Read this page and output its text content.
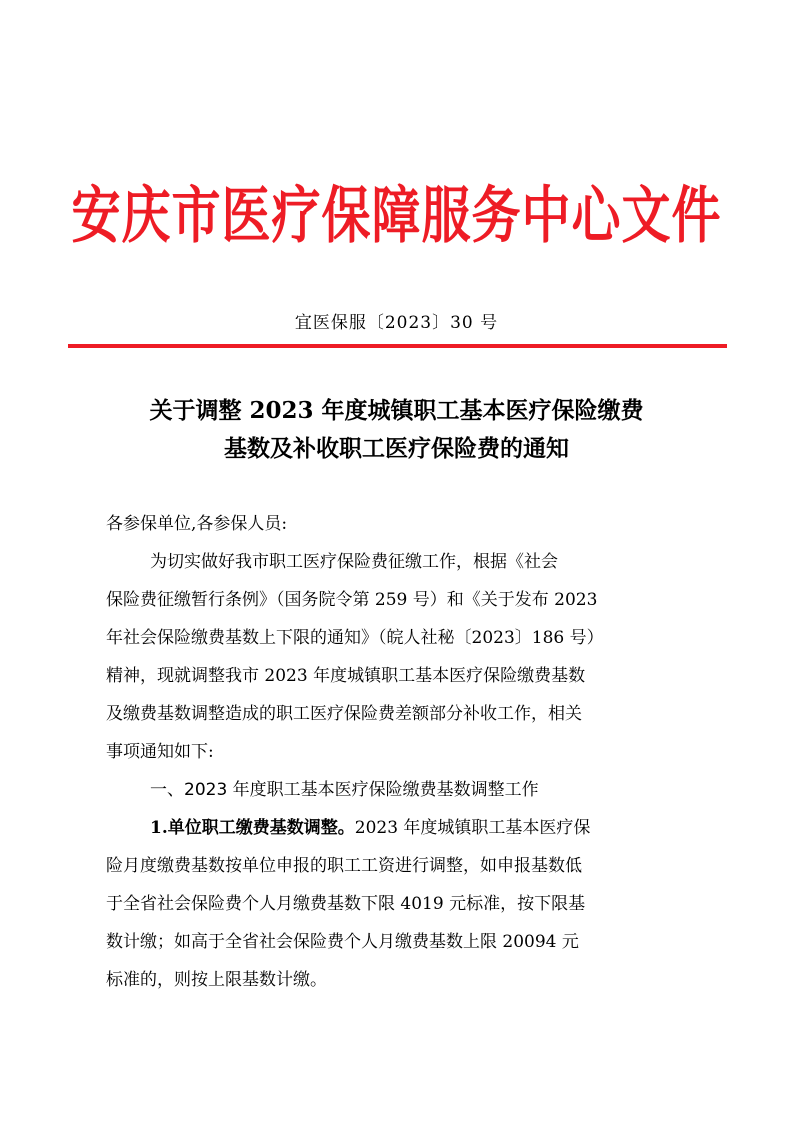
安庆市医疗保障服务中心文件
宜医保服〔2023〕30 号
关于调整 2023 年度城镇职工基本医疗保险缴费
基数及补收职工医疗保险费的通知
各参保单位,各参保人员:
为切实做好我市职工医疗保险费征缴工作，根据《社会
保险费征缴暂行条例》（国务院令第 259 号）和《关于发布 2023
年社会保险缴费基数上下限的通知》（皖人社秘〔2023〕186 号）
精神，现就调整我市 2023 年度城镇职工基本医疗保险缴费基数
及缴费基数调整造成的职工医疗保险费差额部分补收工作，相关
事项通知如下:
一、2023 年度职工基本医疗保险缴费基数调整工作
1.单位职工缴费基数调整。2023 年度城镇职工基本医疗保
险月度缴费基数按单位申报的职工工资进行调整，如申报基数低
于全省社会保险费个人月缴费基数下限 4019 元标准，按下限基
数计缴；如高于全省社会保险费个人月缴费基数上限 20094 元
标准的，则按上限基数计缴。
